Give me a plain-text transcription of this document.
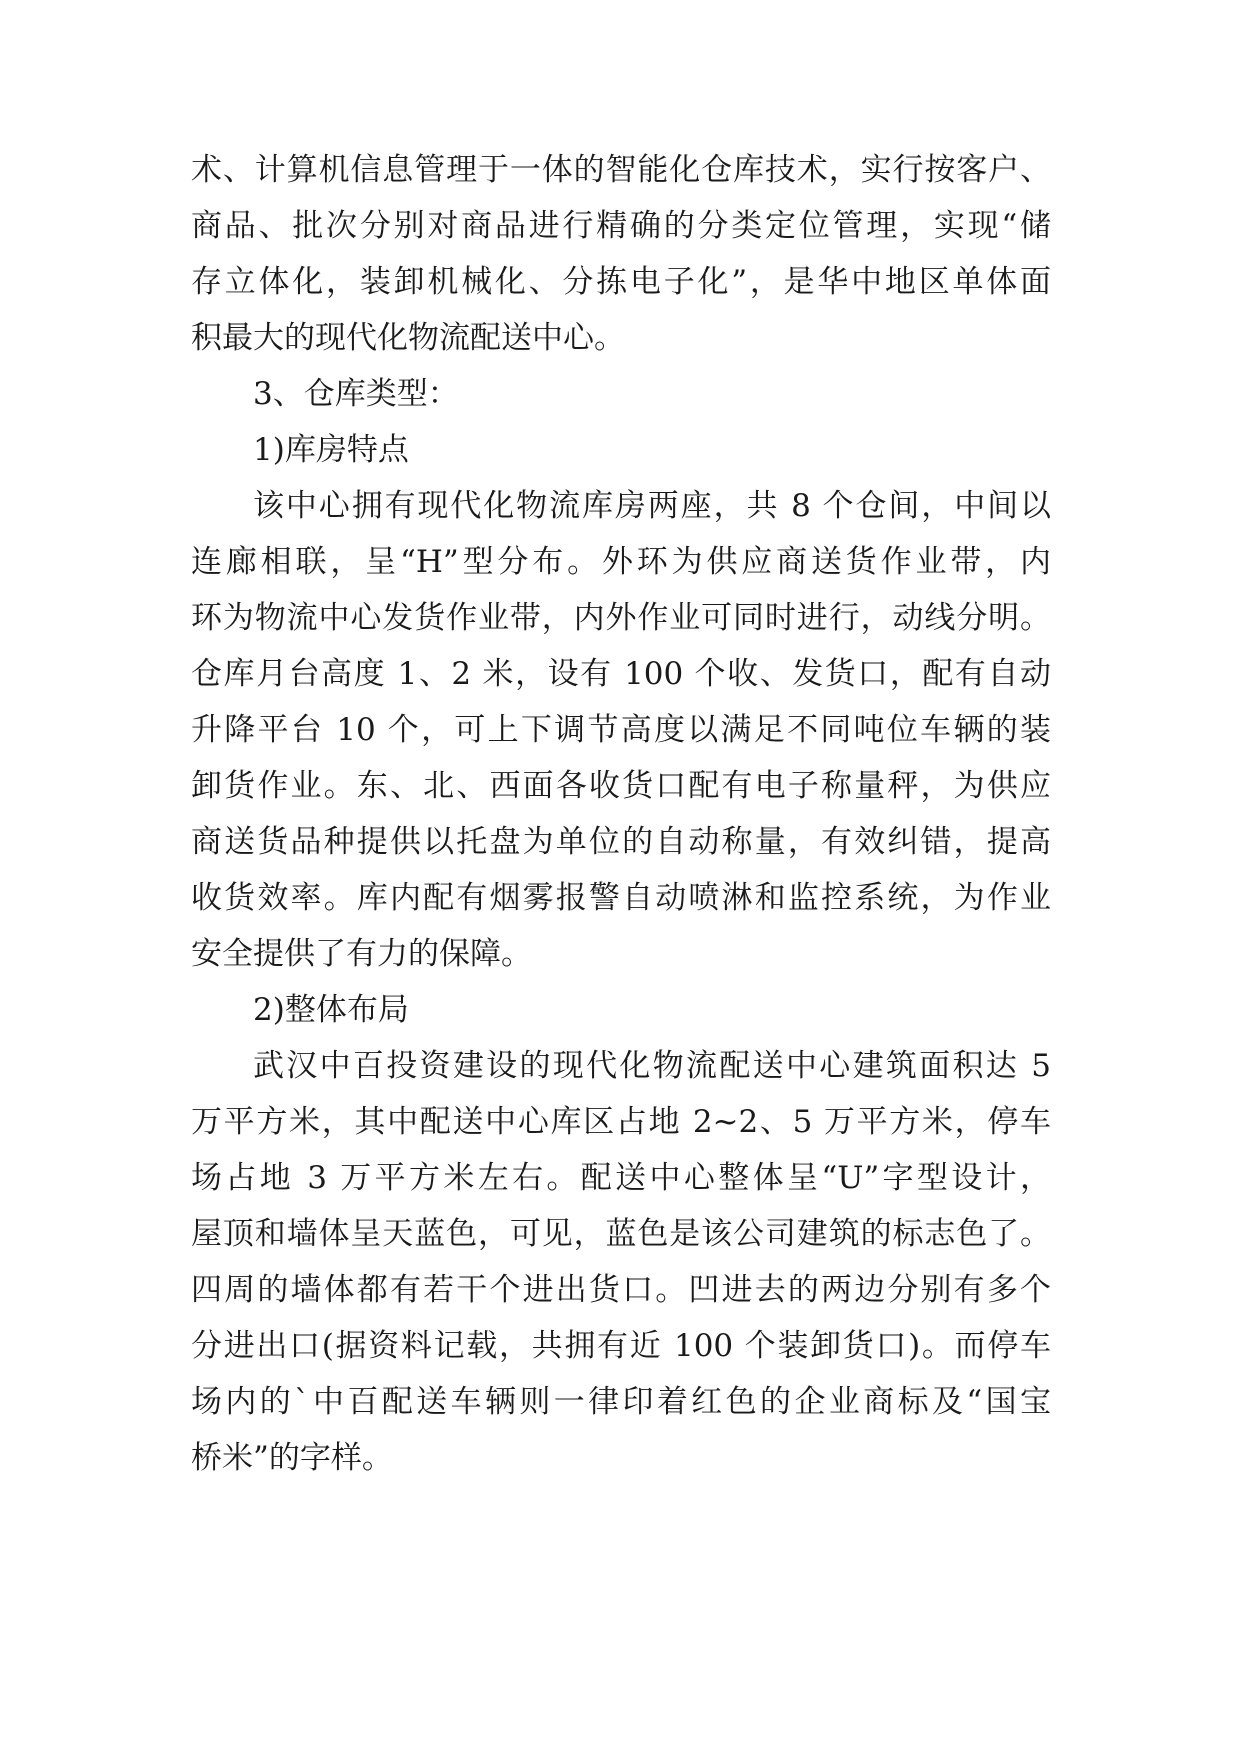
术、计算机信息管理于一体的智能化仓库技术，实行按客户、
商品、批次分别对商品进行精确的分类定位管理，实现“储
存立体化，装卸机械化、分拣电子化”，是华中地区单体面
积最大的现代化物流配送中心。
3、仓库类型：
1)库房特点
该中心拥有现代化物流库房两座，共 8 个仓间，中间以
连廊相联，呈“H”型分布。外环为供应商送货作业带，内
环为物流中心发货作业带，内外作业可同时进行，动线分明。
仓库月台高度 1、2 米，设有 100 个收、发货口，配有自动
升降平台 10 个，可上下调节高度以满足不同吨位车辆的装
卸货作业。东、北、西面各收货口配有电子称量秤，为供应
商送货品种提供以托盘为单位的自动称量，有效纠错，提高
收货效率。库内配有烟雾报警自动喷淋和监控系统，为作业
安全提供了有力的保障。
2)整体布局
武汉中百投资建设的现代化物流配送中心建筑面积达 5
万平方米，其中配送中心库区占地 2~2、5 万平方米，停车
场占地 3 万平方米左右。配送中心整体呈“U”字型设计，
屋顶和墙体呈天蓝色，可见，蓝色是该公司建筑的标志色了。
四周的墙体都有若干个进出货口。凹进去的两边分别有多个
分进出口(据资料记载，共拥有近 100 个装卸货口)。而停车
场内的`中百配送车辆则一律印着红色的企业商标及“国宝
桥米”的字样。
